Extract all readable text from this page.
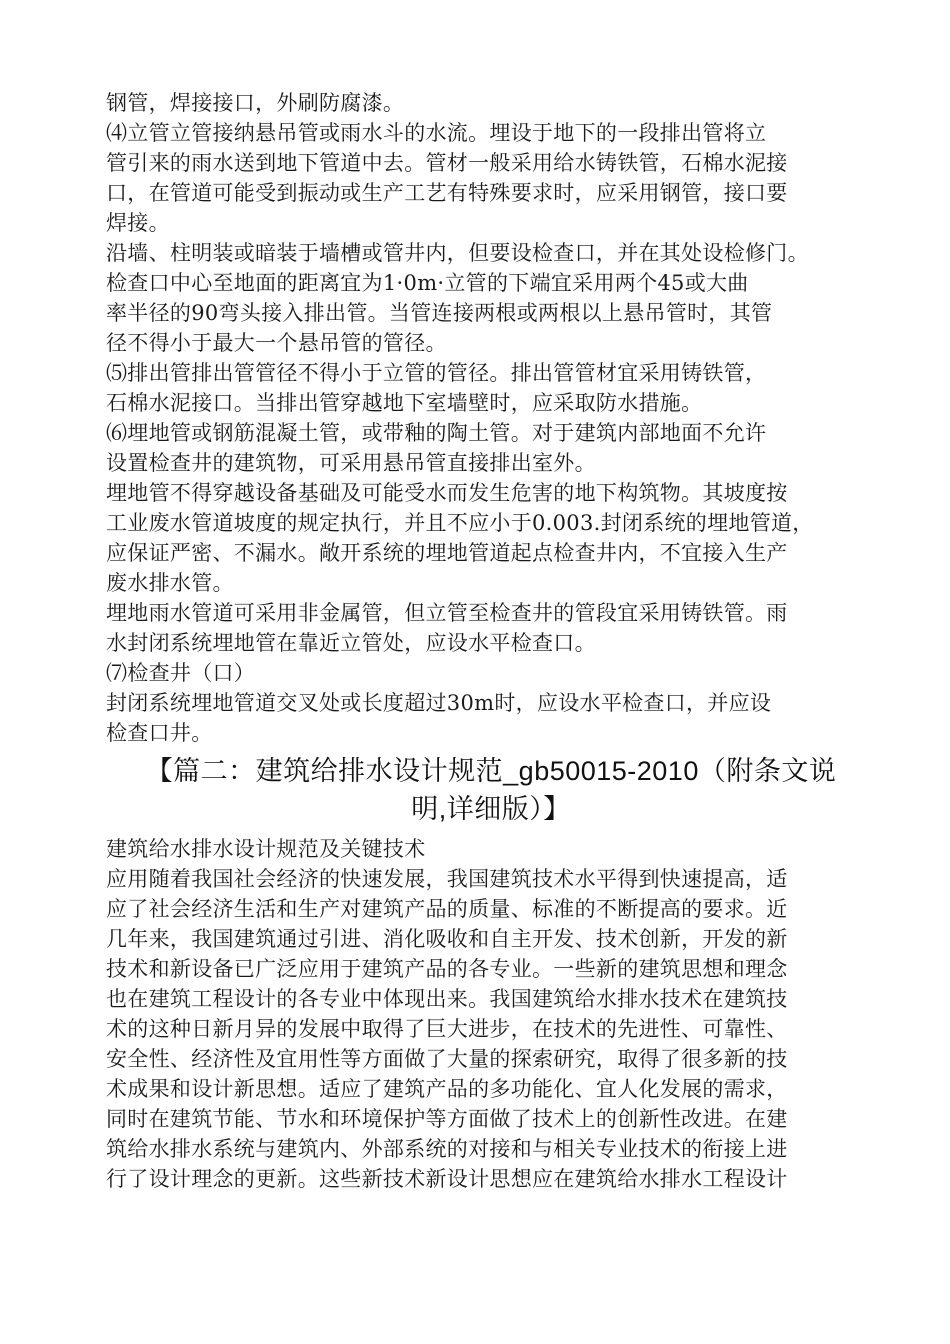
钢管，焊接接口，外刷防腐漆。
⑷立管立管接纳悬吊管或雨水斗的水流。埋设于地下的一段排出管将立
管引来的雨水送到地下管道中去。管材一般采用给水铸铁管，石棉水泥接
口，在管道可能受到振动或生产工艺有特殊要求时，应采用钢管，接口要
焊接。
沿墙、柱明装或暗装于墙槽或管井内，但要设检查口，并在其处设检修门。
检查口中心至地面的距离宜为1·0m·立管的下端宜采用两个45或大曲
率半径的90弯头接入排出管。当管连接两根或两根以上悬吊管时，其管
径不得小于最大一个悬吊管的管径。
⑸排出管排出管管径不得小于立管的管径。排出管管材宜采用铸铁管，
石棉水泥接口。当排出管穿越地下室墙壁时，应采取防水措施。
⑹埋地管或钢筋混凝土管，或带釉的陶土管。对于建筑内部地面不允许
设置检查井的建筑物，可采用悬吊管直接排出室外。
埋地管不得穿越设备基础及可能受水而发生危害的地下构筑物。其坡度按
工业废水管道坡度的规定执行，并且不应小于0.003.封闭系统的埋地管道，
应保证严密、不漏水。敞开系统的埋地管道起点检查井内，不宜接入生产
废水排水管。
埋地雨水管道可采用非金属管，但立管至检查井的管段宜采用铸铁管。雨
水封闭系统埋地管在靠近立管处，应设水平检查口。
⑺检查井（口）
封闭系统埋地管道交叉处或长度超过30m时，应设水平检查口，并应设
检查口井。
【篇二：建筑给排水设计规范_gb50015-2010（附条文说
明,详细版）】
建筑给水排水设计规范及关键技术
应用随着我国社会经济的快速发展，我国建筑技术水平得到快速提高，适
应了社会经济生活和生产对建筑产品的质量、标准的不断提高的要求。近
几年来，我国建筑通过引进、消化吸收和自主开发、技术创新，开发的新
技术和新设备已广泛应用于建筑产品的各专业。一些新的建筑思想和理念
也在建筑工程设计的各专业中体现出来。我国建筑给水排水技术在建筑技
术的这种日新月异的发展中取得了巨大进步，在技术的先进性、可靠性、
安全性、经济性及宜用性等方面做了大量的探索研究，取得了很多新的技
术成果和设计新思想。适应了建筑产品的多功能化、宜人化发展的需求，
同时在建筑节能、节水和环境保护等方面做了技术上的创新性改进。在建
筑给水排水系统与建筑内、外部系统的对接和与相关专业技术的衔接上进
行了设计理念的更新。这些新技术新设计思想应在建筑给水排水工程设计
